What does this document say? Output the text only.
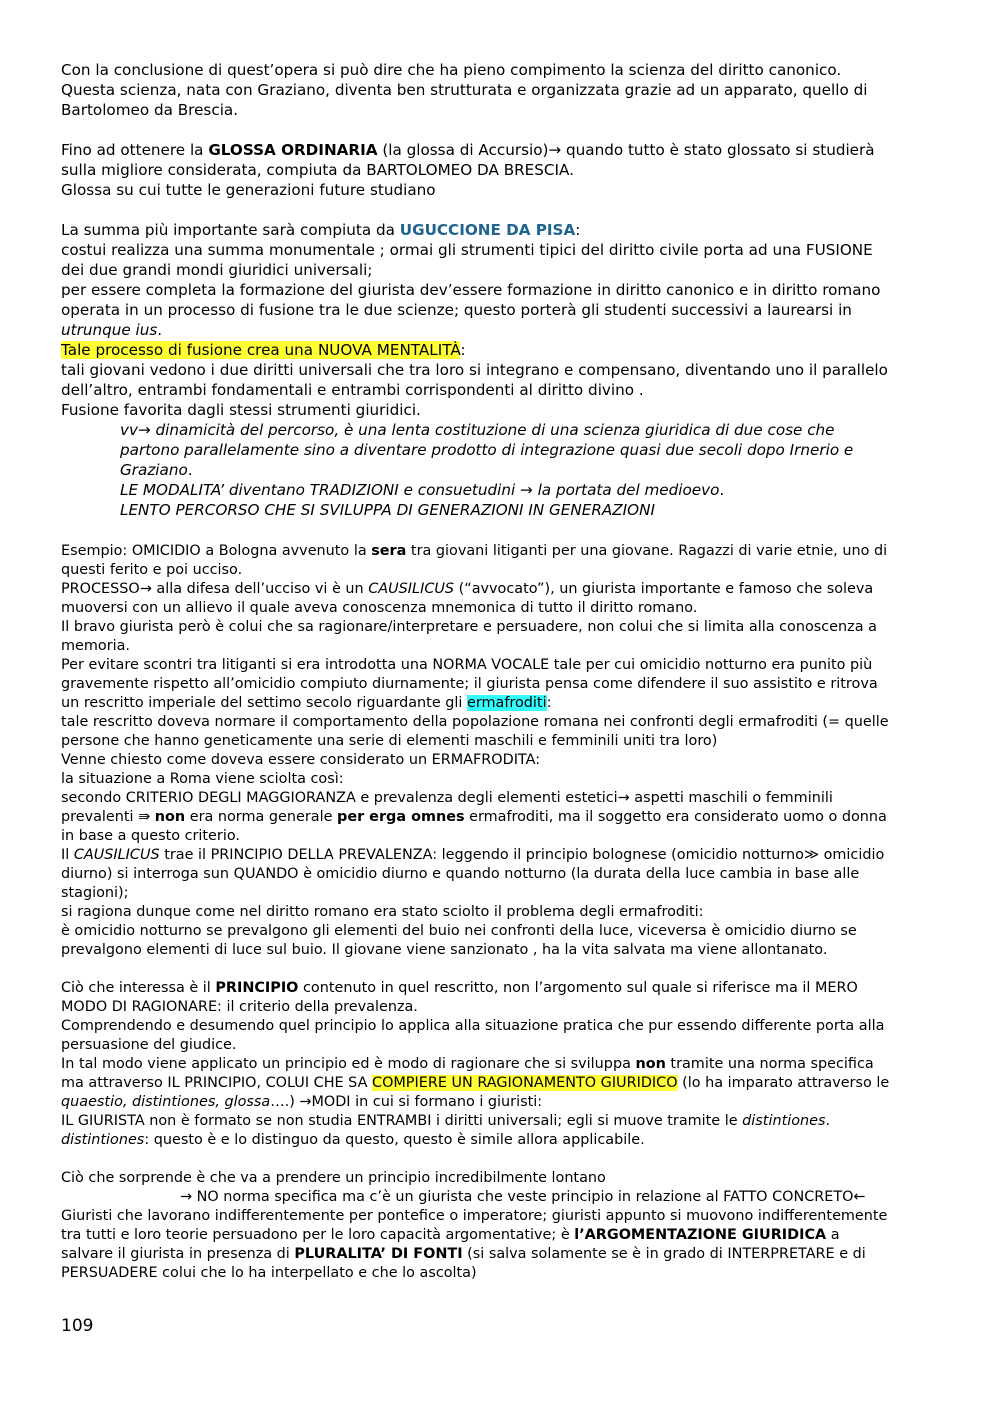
Con la conclusione di quest’opera si può dire che ha pieno compimento la scienza del diritto canonico.

Questa scienza, nata con Graziano, diventa ben strutturata e organizzata grazie ad un apparato, quello di

Bartolomeo da Brescia.

Fino ad ottenere la GLOSSA ORDINARIA (la glossa di Accursio)→ quando tutto è stato glossato si studierà

sulla migliore considerata, compiuta da BARTOLOMEO DA BRESCIA.

Glossa su cui tutte le generazioni future studiano

La summa più importante sarà compiuta da UGUCCIONE DA PISA:

costui realizza una summa monumentale ; ormai gli strumenti tipici del diritto civile porta ad una FUSIONE

dei due grandi mondi giuridici universali;

per essere completa la formazione del giurista dev’essere formazione in diritto canonico e in diritto romano

operata in un processo di fusione tra le due scienze; questo porterà gli studenti successivi a laurearsi in

utrunque ius.

Tale processo di fusione crea una NUOVA MENTALITÀ:

tali giovani vedono i due diritti universali che tra loro si integrano e compensano, diventando uno il parallelo

dell’altro, entrambi fondamentali e entrambi corrispondenti al diritto divino .

Fusione favorita dagli stessi strumenti giuridici.

vv→ dinamicità del percorso, è una lenta costituzione di una scienza giuridica di due cose che

partono parallelamente sino a diventare prodotto di integrazione quasi due secoli dopo Irnerio e

Graziano.

LE MODALITA’ diventano TRADIZIONI e consuetudini → la portata del medioevo.

LENTO PERCORSO CHE SI SVILUPPA DI GENERAZIONI IN GENERAZIONI

Esempio: OMICIDIO a Bologna avvenuto la sera tra giovani litiganti per una giovane. Ragazzi di varie etnie, uno di

questi ferito e poi ucciso.

PROCESSO→ alla difesa dell’ucciso vi è un CAUSILICUS (“avvocato”), un giurista importante e famoso che soleva

muoversi con un allievo il quale aveva conoscenza mnemonica di tutto il diritto romano.

Il bravo giurista però è colui che sa ragionare/interpretare e persuadere, non colui che si limita alla conoscenza a

memoria.

Per evitare scontri tra litiganti si era introdotta una NORMA VOCALE tale per cui omicidio notturno era punito più

gravemente rispetto all’omicidio compiuto diurnamente; il giurista pensa come difendere il suo assistito e ritrova

un rescritto imperiale del settimo secolo riguardante gli ermafroditi:

tale rescritto doveva normare il comportamento della popolazione romana nei confronti degli ermafroditi (= quelle

persone che hanno geneticamente una serie di elementi maschili e femminili uniti tra loro)

Venne chiesto come doveva essere considerato un ERMAFRODITA:

la situazione a Roma viene sciolta così:

secondo CRITERIO DEGLI MAGGIORANZA e prevalenza degli elementi estetici→ aspetti maschili o femminili

prevalenti ⇛ non era norma generale per erga omnes ermafroditi, ma il soggetto era considerato uomo o donna

in base a questo criterio.

Il CAUSILICUS trae il PRINCIPIO DELLA PREVALENZA: leggendo il principio bolognese (omicidio notturno≫ omicidio

diurno) si interroga sun QUANDO è omicidio diurno e quando notturno (la durata della luce cambia in base alle

stagioni);

si ragiona dunque come nel diritto romano era stato sciolto il problema degli ermafroditi:

è omicidio notturno se prevalgono gli elementi del buio nei confronti della luce, viceversa è omicidio diurno se

prevalgono elementi di luce sul buio. Il giovane viene sanzionato , ha la vita salvata ma viene allontanato.

Ciò che interessa è il PRINCIPIO contenuto in quel rescritto, non l’argomento sul quale si riferisce ma il MERO

MODO DI RAGIONARE: il criterio della prevalenza.

Comprendendo e desumendo quel principio lo applica alla situazione pratica che pur essendo differente porta alla

persuasione del giudice.

In tal modo viene applicato un principio ed è modo di ragionare che si sviluppa non tramite una norma specifica

ma attraverso IL PRINCIPIO, COLUI CHE SA COMPIERE UN RAGIONAMENTO GIURIDICO (lo ha imparato attraverso le

quaestio, distintiones, glossa….) →MODI in cui si formano i giuristi:

IL GIURISTA non è formato se non studia ENTRAMBI i diritti universali; egli si muove tramite le distintiones.

distintiones: questo è e lo distinguo da questo, questo è simile allora applicabile.

Ciò che sorprende è che va a prendere un principio incredibilmente lontano

→ NO norma specifica ma c’è un giurista che veste principio in relazione al FATTO CONCRETO←

Giuristi che lavorano indifferentemente per pontefice o imperatore; giuristi appunto si muovono indifferentemente

tra tutti e loro teorie persuadono per le loro capacità argomentative; è l’ARGOMENTAZIONE GIURIDICA a

salvare il giurista in presenza di PLURALITA’ DI FONTI (si salva solamente se è in grado di INTERPRETARE e di

PERSUADERE colui che lo ha interpellato e che lo ascolta)

109
